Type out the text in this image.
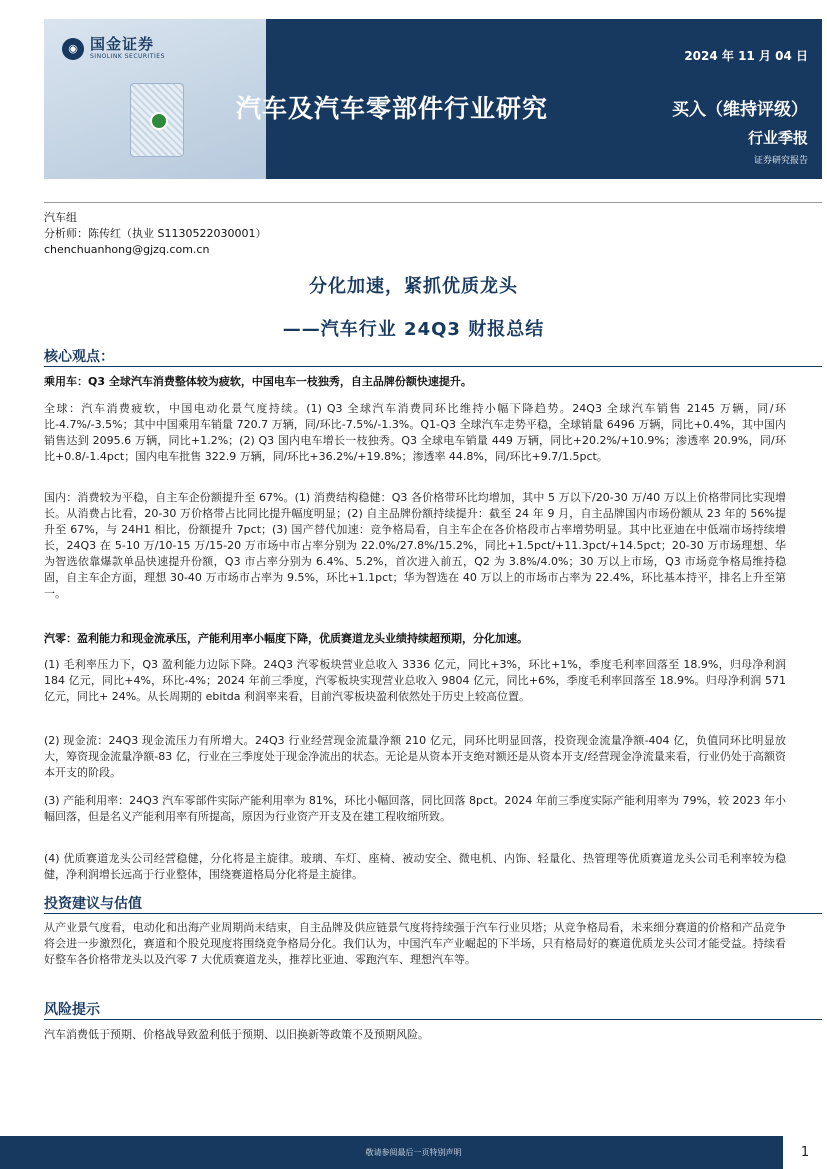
◉ 国金证券
SINOLINK SECURITIES	2024 年 11 月 04 日
汽车及汽车零部件行业研究	买入（维持评级）
行业季报
证券研究报告
汽车组
分析师：陈传红（执业 S1130522030001）
chenchuanhong@gjzq.com.cn
分化加速，紧抓优质龙头
——汽车行业 24Q3 财报总结
核心观点：

乘用车：Q3 全球汽车消费整体较为疲软，中国电车一枝独秀，自主品牌份额快速提升。

全球：汽车消费疲软，中国电动化景气度持续。(1) Q3 全球汽车消费同环比维持小幅下降趋势。24Q3 全球汽车销售 2145 万辆，同/环比-4.7%/-3.5%；其中中国乘用车销量 720.7 万辆，同/环比-7.5%/-1.3%。Q1-Q3 全球汽车走势平稳，全球销量 6496 万辆，同比+0.4%，其中国内销售达到 2095.6 万辆，同比+1.2%；(2) Q3 国内电车增长一枝独秀。Q3 全球电车销量 449 万辆，同比+20.2%/+10.9%；渗透率 20.9%，同/环比+0.8/-1.4pct；国内电车批售 322.9 万辆，同/环比+36.2%/+19.8%；渗透率 44.8%，同/环比+9.7/1.5pct。

国内：消费较为平稳，自主车企份额提升至 67%。(1) 消费结构稳健：Q3 各价格带环比均增加，其中 5 万以下/20-30 万/40 万以上价格带同比实现增长。从消费占比看，20-30 万价格带占比同比提升幅度明显；(2) 自主品牌份额持续提升：截至 24 年 9 月，自主品牌国内市场份额从 23 年的 56%提升至 67%，与 24H1 相比，份额提升 7pct；(3) 国产替代加速：竞争格局看，自主车企在各价格段市占率增势明显。其中比亚迪在中低端市场持续增长，24Q3 在 5-10 万/10-15 万/15-20 万市场中市占率分别为 22.0%/27.8%/15.2%，同比+1.5pct/+11.3pct/+14.5pct；20-30 万市场理想、华为智选依靠爆款单品快速提升份额，Q3 市占率分别为 6.4%、5.2%，首次进入前五，Q2 为 3.8%/4.0%；30 万以上市场，Q3 市场竞争格局维持稳固，自主车企方面，理想 30-40 万市场市占率为 9.5%，环比+1.1pct；华为智选在 40 万以上的市场市占率为 22.4%，环比基本持平，排名上升至第一。

汽零：盈利能力和现金流承压，产能利用率小幅度下降，优质赛道龙头业绩持续超预期，分化加速。

(1) 毛利率压力下，Q3 盈利能力边际下降。24Q3 汽零板块营业总收入 3336 亿元，同比+3%，环比+1%，季度毛利率回落至 18.9%，归母净利润 184 亿元，同比+4%，环比-4%；2024 年前三季度，汽零板块实现营业总收入 9804 亿元，同比+6%，季度毛利率回落至 18.9%。归母净利润 571 亿元，同比+ 24%。从长周期的 ebitda 利润率来看，目前汽零板块盈利依然处于历史上较高位置。

(2) 现金流：24Q3 现金流压力有所增大。24Q3 行业经营现金流量净额 210 亿元，同环比明显回落，投资现金流量净额-404 亿，负值同环比明显放大，筹资现金流量净额-83 亿，行业在三季度处于现金净流出的状态。无论是从资本开支绝对额还是从资本开支/经营现金净流量来看，行业仍处于高额资本开支的阶段。

(3) 产能利用率：24Q3 汽车零部件实际产能利用率为 81%，环比小幅回落，同比回落 8pct。2024 年前三季度实际产能利用率为 79%，较 2023 年小幅回落，但是名义产能利用率有所提高，原因为行业资产开支及在建工程收缩所致。

(4) 优质赛道龙头公司经营稳健，分化将是主旋律。玻璃、车灯、座椅、被动安全、微电机、内饰、轻量化、热管理等优质赛道龙头公司毛利率较为稳健，净利润增长远高于行业整体，围绕赛道格局分化将是主旋律。

投资建议与估值

从产业景气度看，电动化和出海产业周期尚未结束，自主品牌及供应链景气度将持续强于汽车行业贝塔；从竞争格局看，未来细分赛道的价格和产品竞争将会进一步激烈化，赛道和个股兑现度将围绕竞争格局分化。我们认为，中国汽车产业崛起的下半场，只有格局好的赛道优质龙头公司才能受益。持续看好整车各价格带龙头以及汽零 7 大优质赛道龙头，推荐比亚迪、零跑汽车、理想汽车等。

风险提示

汽车消费低于预期、价格战导致盈利低于预期、以旧换新等政策不及预期风险。

敬请参阅最后一页特别声明	1
